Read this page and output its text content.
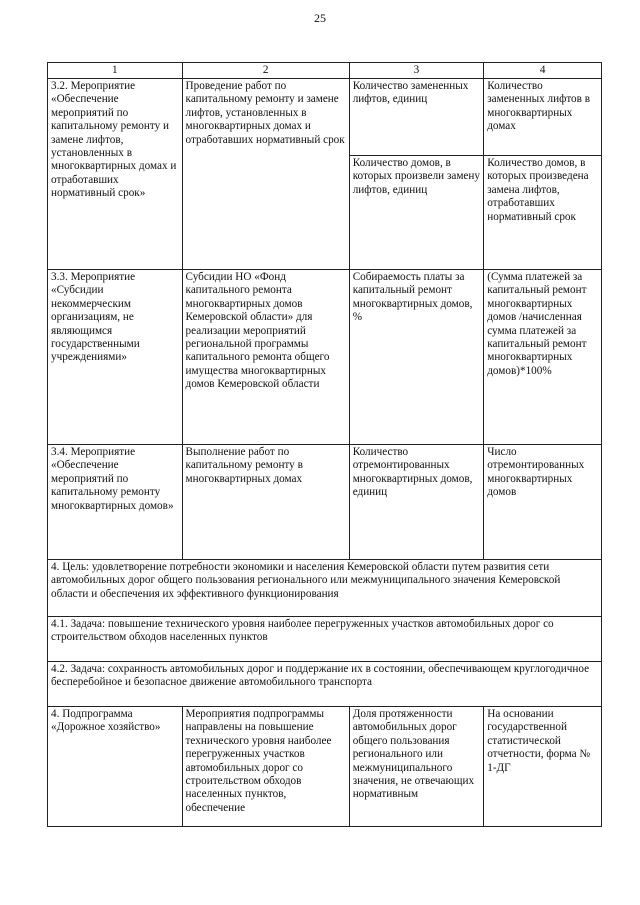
25
1	2	3	4
3.2. Мероприятие «Обеспечение мероприятий по капитальному ремонту и замене лифтов, установленных в многоквартирных домах и отработавших нормативный срок»	Проведение работ по капитальному ремонту и замене лифтов, установленных в многоквартирных домах и отработавших нормативный срок	Количество замененных лифтов, единиц	Количество замененных лифтов в многоквартирных домах
		Количество домов, в которых произвели замену лифтов, единиц	Количество домов, в которых произведена замена лифтов, отработавших нормативный срок
3.3. Мероприятие «Субсидии некоммерческим организациям, не являющимся государственными учреждениями»	Субсидии НО «Фонд капитального ремонта многоквартирных домов Кемеровской области» для реализации мероприятий региональной программы капитального ремонта общего имущества многоквартирных домов Кемеровской области	Собираемость платы за капитальный ремонт многоквартирных домов, %	(Сумма платежей за капитальный ремонт многоквартирных домов /начисленная сумма платежей за капитальный ремонт многоквартирных домов)*100%
3.4. Мероприятие «Обеспечение мероприятий по капитальному ремонту многоквартирных домов»	Выполнение работ по капитальному ремонту в многоквартирных домах	Количество отремонтированных многоквартирных домов, единиц	Число отремонтированных многоквартирных домов
4. Цель: удовлетворение потребности экономики и населения Кемеровской области путем развития сети автомобильных дорог общего пользования регионального или межмуниципального значения Кемеровской области и обеспечения их эффективного функционирования			
4.1. Задача: повышение технического уровня наиболее перегруженных участков автомобильных дорог со строительством обходов населенных пунктов			
4.2. Задача: сохранность автомобильных дорог и поддержание их в состоянии, обеспечивающем круглогодичное бесперебойное и безопасное движение автомобильного транспорта			
4. Подпрограмма «Дорожное хозяйство»	Мероприятия подпрограммы направлены на повышение технического уровня наиболее перегруженных участков автомобильных дорог со строительством обходов населенных пунктов, обеспечение	Доля протяженности автомобильных дорог общего пользования регионального или межмуниципального значения, не отвечающих нормативным	На основании государственной статистической отчетности, форма № 1-ДГ
